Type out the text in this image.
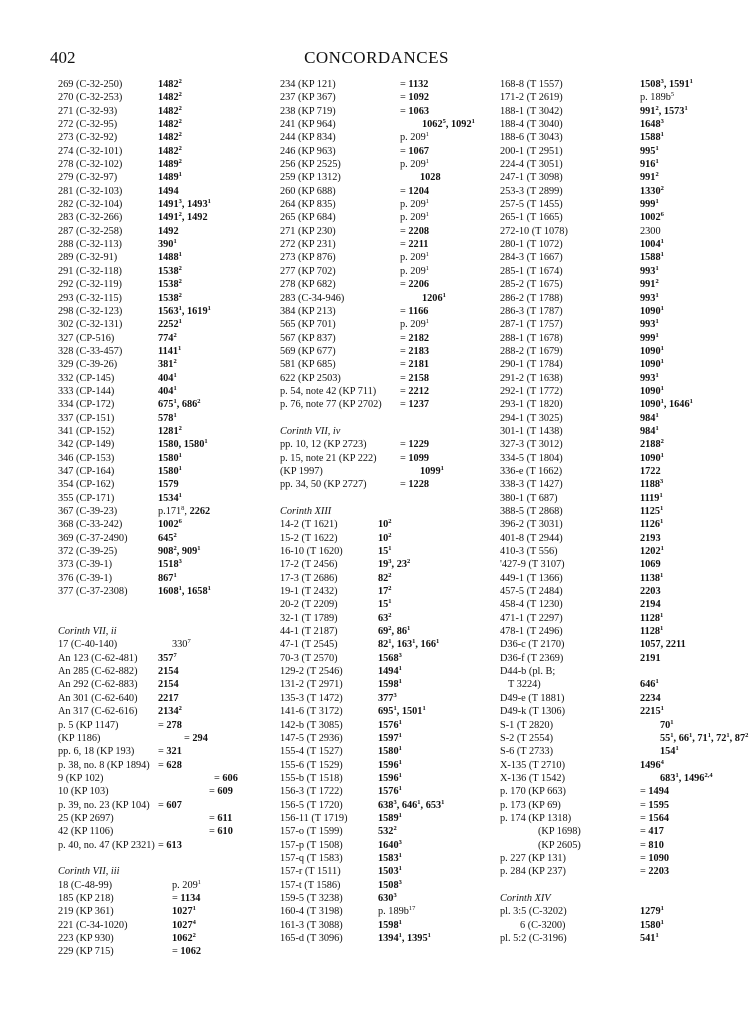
402	CONCORDANCES
269 (C-32-250)	1482$^2$
270 (C-32-253)	1482$^2$
271 (C-32-93)	1482$^2$
272 (C-32-95)	1482$^2$
273 (C-32-92)	1482$^2$
274 (C-32-101)	1482$^2$
278 (C-32-102)	1489$^2$
279 (C-32-97)	1489$^1$
281 (C-32-103)	1494
282 (C-32-104)	1491$^3$, 1493$^1$
283 (C-32-266)	1491$^2$, 1492
287 (C-32-258)	1492
288 (C-32-113)	$390^1$
289 (C-32-91)	1488$^1$
291 (C-32-118)	1538$^2$
292 (C-32-119)	1538$^2$
293 (C-32-115)	1538$^2$
298 (C-32-123)	1563$^1$, 1619$^1$
302 (C-32-131)	2252$^1$
327 (CP-516)	$774^2$
328 (C-33-457)	1141$^1$
329 (C-39-26)	$381^2$
332 (CP-145)	$404^1$
333 (CP-144)	$404^1$
334 (CP-172)	$675^1$, $686^2$
337 (CP-151)	$578^1$
341 (CP-152)	1281$^2$
342 (CP-149)	1580, 1580$^1$
346 (CP-153)	1580$^1$
347 (CP-164)	1580$^1$
354 (CP-162)	1579
355 (CP-171)	1534$^1$
367 (C-39-23)	p.171$^8$, 2262
368 (C-33-242)	1002$^6$
369 (C-37-2490)	$645^2$
372 (C-39-25)	$908^2$, $909^1$
373 (C-39-1)	1518$^3$
376 (C-39-1)	$867^1$
377 (C-37-2308)	1608$^1$, 1658$^1$
Corinth VII, ii
17 (C-40-140)	$330^7$
An 123 (C-62-481) $357^7$
An 285 (C-62-882) 2154
An 292 (C-62-883) 2154
An 301 (C-62-640) 2217
An 317 (C-62-616) 2134$^2$
p. 5 (KP 1147)	= 278
(KP 1186)	= 294
pp. 6, 18 (KP 193) = 321
p. 38, no. 8 (KP 1894) = 628
9 (KP 102)	= 606
10 (KP 103)	= 609
p. 39, no. 23 (KP 104) = 607
25 (KP 2697)	= 611
42 (KP 1106)	= 610
p. 40, no. 47 (KP 2321) = 613
Corinth VII, iii
18 (C-48-99)	p. $209^1$
185 (KP 218)	= 1134
219 (KP 361)	1027$^1$
221 (C-34-1020)	1027$^4$
223 (KP 930)	1062$^2$
229 (KP 715)	= 1062
234 (KP 121)	= 1132
237 (KP 367)	= 1092
238 (KP 719)	= 1063
241 (KP 964)	1062$^5$, 1092$^1$
244 (KP 834)	p. $209^1$
246 (KP 963)	= 1067
256 (KP 2525)	p. $209^1$
259 (KP 1312)	1028
260 (KP 688)	= 1204
264 (KP 835)	p. $209^1$
265 (KP 684)	p. $209^1$
271 (KP 230)	= 2208
272 (KP 231)	= 2211
273 (KP 876)	p. $209^1$
277 (KP 702)	p. $209^1$
278 (KP 682)	= 2206
283 (C-34-946)	1206$^1$
384 (KP 213)	= 1166
565 (KP 701)	p. $209^1$
567 (KP 837)	= 2182
569 (KP 677)	= 2183
581 (KP 685)	= 2181
622 (KP 2503)	= 2158
p. 54, note 42 (KP 711) = 2212
p. 76, note 77 (KP 2702) = 1237
Corinth VII, iv
pp. 10, 12 (KP 2723)	= 1229
p. 15, note 21 (KP 222) = 1099
(KP 1997)	1099$^1$
pp. 34, 50 (KP 2727)	= 1228
Corinth XIII
14-2 (T 1621)	$10^2$
15-2 (T 1622)	$10^2$
16-10 (T 1620)	$15^1$
17-2 (T 2456)	$19^3$, $23^2$
17-3 (T 2686)	$82^2$
19-1 (T 2432)	$17^2$
20-2 (T 2209)	$15^1$
32-1 (T 1789)	$63^2$
44-1 (T 2187)	$69^2$, $86^1$
47-1 (T 2545)	$82^1$, $163^1$, $166^1$
70-3 (T 2570)	1568$^3$
129-2 (T 2546)	1494$^1$
131-2 (T 2971)	1598$^1$
135-3 (T 1472)	$377^3$
141-6 (T 3172)	$695^1$, 1501$^1$
142-b (T 3085)	1576$^1$
147-5 (T 2936)	1597$^1$
155-4 (T 1527)	1580$^1$
155-6 (T 1529)	1596$^1$
155-b (T 1518)	1596$^1$
156-3 (T 1722)	1576$^1$
156-5 (T 1720)	$638^3$, $646^1$, $653^1$
156-11 (T 1719)	1589$^1$
157-o (T 1599)	$532^2$
157-p (T 1508)	1640$^3$
157-q (T 1583)	1583$^1$
157-r (T 1511)	1503$^1$
157-t (T 1586)	1508$^3$
159-5 (T 3238)	$630^3$
160-4 (T 3198)	p. $189b^{17}$
161-3 (T 3088)	1598$^1$
165-d (T 3096)	1394$^1$, 1395$^1$
168-8 (T 1557)	1508$^3$, 1591$^1$
171-2 (T 2619)	p. $189b^5$
188-1 (T 3042)	$991^2$, 1573$^1$
188-4 (T 3040)	1648$^3$
188-6 (T 3043)	1588$^1$
200-1 (T 2951)	$995^1$
224-4 (T 3051)	$916^1$
247-1 (T 3098)	$991^2$
253-3 (T 2899)	1330$^2$
257-5 (T 1455)	$999^1$
265-1 (T 1665)	1002$^6$
272-10 (T 1078)	2300
280-1 (T 1072)	1004$^1$
284-3 (T 1667)	1588$^1$
285-1 (T 1674)	$993^1$
285-2 (T 1675)	$991^2$
286-2 (T 1788)	$993^1$
286-3 (T 1787)	1090$^1$
287-1 (T 1757)	$993^1$
288-1 (T 1678)	$999^1$
288-2 (T 1679)	1090$^1$
290-1 (T 1784)	1090$^1$
291-2 (T 1638)	$993^1$
292-1 (T 1772)	1090$^1$
293-1 (T 1820)	1090$^1$, 1646$^1$
294-1 (T 3025)	$984^1$
301-1 (T 1438)	$984^1$
327-3 (T 3012)	2188$^2$
334-5 (T 1804)	1090$^1$
336-e (T 1662)	1722
338-3 (T 1427)	1188$^3$
380-1 (T 687)	1119$^1$
388-5 (T 2868)	1125$^1$
396-2 (T 3031)	1126$^1$
401-8 (T 2944)	2193
410-3 (T 556)	1202$^1$
'427-9 (T 3107)	1069
449-1 (T 1366)	1138$^1$
457-5 (T 2484)	2203
458-4 (T 1230)	2194
471-1 (T 2297)	1128$^1$
478-1 (T 2496)	1128$^1$
D36-c (T 2170)	1057, 2211
D36-f (T 2369)	2191
D44-b (pl. B;
T 3224)	$646^1$
D49-e (T 1881)	2234
D49-k (T 1306)	2215$^1$
S-1 (T 2820)	$70^1$
S-2 (T 2554)	$55^1$, $66^1$, $71^1$, $72^1$, $87^2$
S-6 (T 2733)	$154^1$
X-135 (T 2710)	1496$^4$
X-136 (T 1542)	$683^1$, 1496$^{2,4}$
p. 170 (KP 663)	= 1494
p. 173 (KP 69)	= 1595
p. 174 (KP 1318)	= 1564
(KP 1698)	= 417
(KP 2605)	= 810
p. 227 (KP 131)	= 1090
p. 284 (KP 237)	= 2203
Corinth XIV
pl. 3:5 (C-3202)	1279$^1$
6 (C-3200)	1580$^1$
pl. 5:2 (C-3196)	$541^1$
